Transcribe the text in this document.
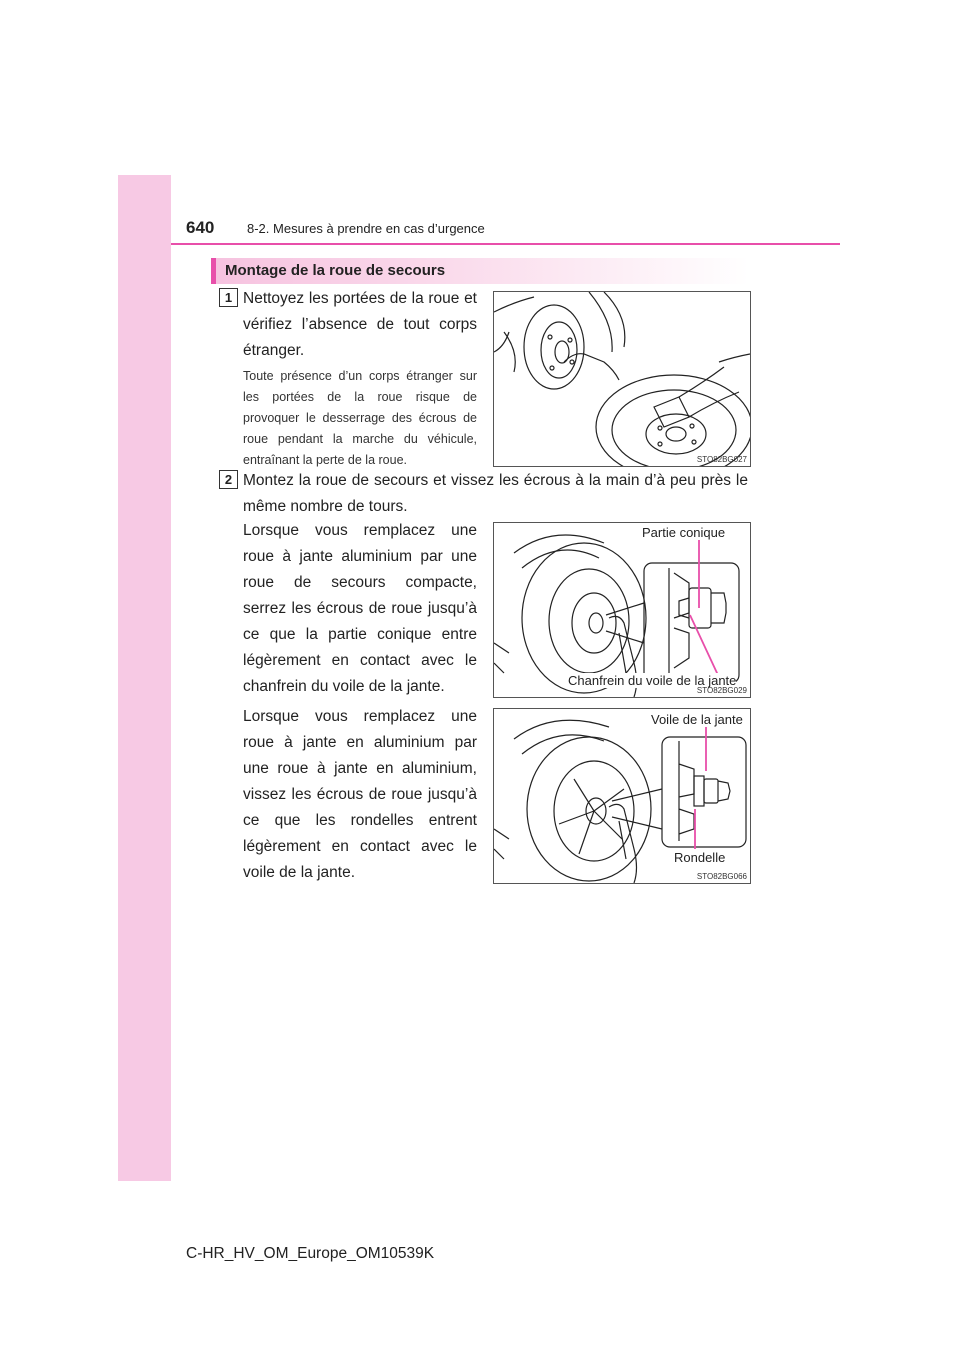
640	8-2. Mesures à prendre en cas d’urgence
Montage de la roue de secours
1 Nettoyez les portées de la roue et vérifiez l’absence de tout corps étranger.
Toute présence d’un corps étranger sur les portées de la roue risque de provoquer le desserrage des écrous de roue pendant la marche du véhicule, entraînant la perte de la roue.	STO82BG027
2 Montez la roue de secours et vissez les écrous à la main d’à peu près le même nombre de tours.
Lorsque vous remplacez une roue à jante aluminium par une roue de secours compacte, serrez les écrous de roue jusqu’à ce que la partie conique entre légèrement en contact avec le chanfrein du voile de la jante.
Lorsque vous remplacez une roue à jante en aluminium par une roue à jante en aluminium, vissez les écrous de roue jusqu’à ce que les rondelles entrent légèrement en contact avec le voile de la jante.
Partie conique
Chanfrein du voile de la jante
STO82BG029
Voile de la jante
Rondelle
STO82BG066
C-HR_HV_OM_Europe_OM10539K
